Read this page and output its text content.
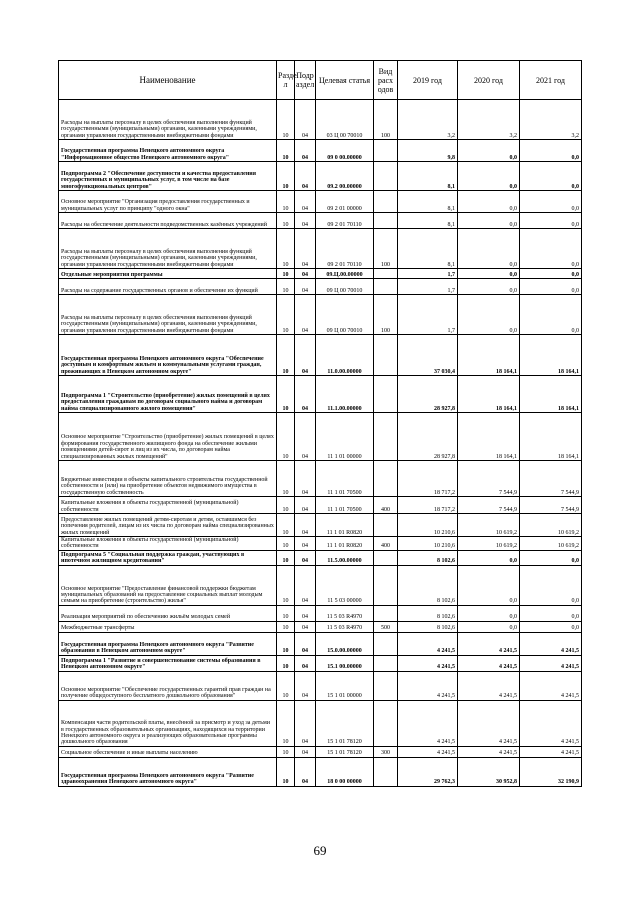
Наименование	Разде л	Подр аздел	Целевая статья	Вид расх одов	2019 год	2020 год	2021 год
Расходы на выплаты персоналу в целях обеспечения выполнения функций государственными (муниципальными) органами, казенными учреждениями, органами управления государственными внебюджетными фондами	10	04	03 Ц 00 70010	100	3,2	3,2	3,2
Государственная программа Ненецкого автономного округа "Информационное общество Ненецкого автономного округа"	10	04	09 0 00.00000		9,8	0,0	0,0
Подпрограмма 2 "Обеспечение доступности и качества предоставления государственных и муниципальных услуг, в том числе на базе многофункциональных центров"	10	04	09.2 00.00000		8,1	0,0	0,0
Основное мероприятие "Организация предоставления государственных и муниципальных услуг по принципу "одного окна"	10	04	09 2 01 00000		8,1	0,0	0,0
Расходы на обеспечение деятельности подведомственных казённых учреждений	10	04	09 2 01 70110		8,1	0,0	0,0
Расходы на выплаты персоналу в целях обеспечения выполнения функций государственными (муниципальными) органами, казенными учреждениями, органами управления государственными внебюджетными фондами	10	04	09 2 01 70110	100	8,1	0,0	0,0
Отдельные мероприятия программы	10	04	09.Ц.00.00000		1,7	0,0	0,0
Расходы на содержание государственных органов и обеспечение их функций	10	04	09 Ц 00 70010		1,7	0,0	0,0
Расходы на выплаты персоналу в целях обеспечения выполнения функций государственными (муниципальными) органами, казенными учреждениями, органами управления государственными внебюджетными фондами	10	04	09 Ц 00 70010	100	1,7	0,0	0,0
Государственная программа Ненецкого автономного округа "Обеспечение доступным и комфортным жильем и коммунальными услугами граждан, проживающих в Ненецком автономном округе"	10	04	11.0.00.00000		37 030,4	18 164,1	18 164,1
Подпрограмма 1 "Строительство (приобретение) жилых помещений в целях предоставления гражданам по договорам социального найма и договорам найма специализированного жилого помещения"	10	04	11.1.00.00000		28 927,8	18 164,1	18 164,1
Основное мероприятие "Строительство (приобретение) жилых помещений в целях формирования государственного жилищного фонда на обеспечение жилыми помещениями детей-сирот и лиц из их числа, по договорам найма специализированных жилых помещений"	10	04	11 1 01 00000		28 927,8	18 164,1	18 164,1
Бюджетные инвестиции в объекты капитального строительства государственной собственности и (или) на приобретение объектов недвижимого имущества в государственную собственность	10	04	11 1 01 70500		18 717,2	7 544,9	7 544,9
Капитальные вложения в объекты государственной (муниципальной) собственности	10	04	11 1 01 70500	400	18 717,2	7 544,9	7 544,9
Предоставление жилых помещений детям-сиротам и детям, оставшимся без попечения родителей, лицам из их числа по договорам найма специализированных жилых помещений	10	04	11 1 01 R0820		10 210,6	10 619,2	10 619,2
Капитальные вложения в объекты государственной (муниципальной) собственности	10	04	11 1 01 R0820	400	10 210,6	10 619,2	10 619,2
Подпрограмма 5 "Социальная поддержка граждан, участвующих в ипотечном жилищном кредитовании"	10	04	11.5.00.00000		8 102,6	0,0	0,0
Основное мероприятие "Предоставление финансовой поддержки бюджетам муниципальных образований на предоставление социальных выплат молодым семьям на приобретение (строительство) жилья"	10	04	11 5 03 00000		8 102,6	0,0	0,0
Реализация мероприятий по обеспечению жильём молодых семей	10	04	11 5 03 R4970		8 102,6	0,0	0,0
Межбюджетные трансферты	10	04	11 5 03 R4970	500	8 102,6	0,0	0,0
Государственная программа Ненецкого автономного округа "Развитие образования в Ненецком автономном округе"	10	04	15.0.00.00000		4 241,5	4 241,5	4 241,5
Подпрограмма 1 "Развитие и совершенствование системы образования в Ненецком автономном округе"	10	04	15.1 00.00000		4 241,5	4 241,5	4 241,5
Основное мероприятие "Обеспечение государственных гарантий прав граждан на получение общедоступного бесплатного дошкольного образования"	10	04	15 1 01 00000		4 241,5	4 241,5	4 241,5
Компенсация части родительской платы, внесённой за присмотр и уход за детьми в государственных образовательных организациях, находящихся на территории Ненецкого автономного округа и реализующих образовательные программы дошкольного образования	10	04	15 1 01 78120		4 241,5	4 241,5	4 241,5
Социальное обеспечение и иные выплаты населению	10	04	15 1 01 78120	300	4 241,5	4 241,5	4 241,5
Государственная программа Ненецкого автономного округа "Развитие здравоохранения Ненецкого автономного округа"	10	04	18 0 00 00000		29 762,3	30 952,8	32 190,9
69
